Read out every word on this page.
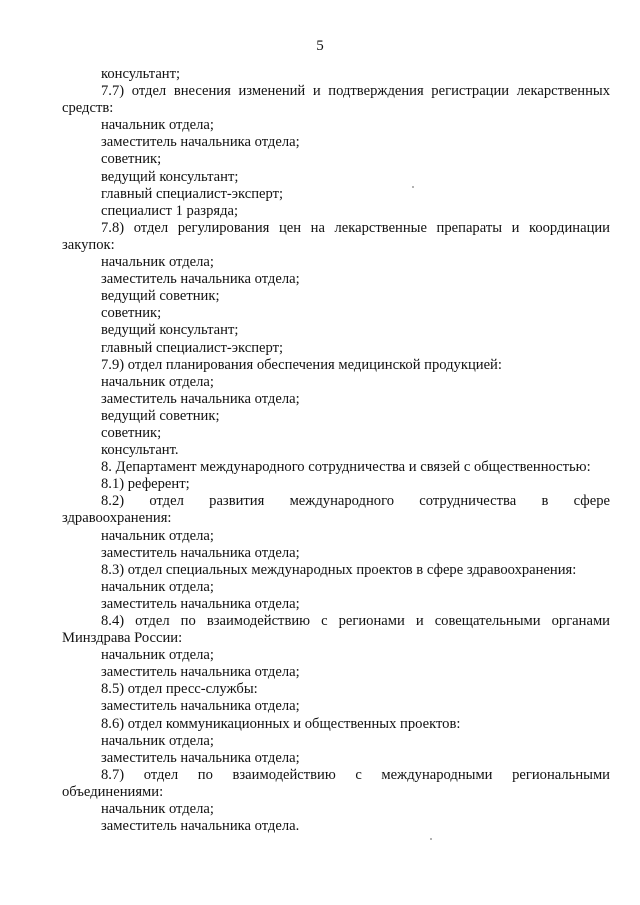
5
консультант;
7.7) отдел внесения изменений и подтверждения регистрации лекарственных
средств:
начальник отдела;
заместитель начальника отдела;
советник;
ведущий консультант;
главный специалист-эксперт;
специалист 1 разряда;
7.8) отдел регулирования цен на лекарственные препараты и координации
закупок:
начальник отдела;
заместитель начальника отдела;
ведущий советник;
советник;
ведущий консультант;
главный специалист-эксперт;
7.9) отдел планирования обеспечения медицинской продукцией:
начальник отдела;
заместитель начальника отдела;
ведущий советник;
советник;
консультант.
8. Департамент международного сотрудничества и связей с общественностью:
8.1) референт;
8.2) отдел развития международного сотрудничества в сфере
здравоохранения:
начальник отдела;
заместитель начальника отдела;
8.3) отдел специальных международных проектов в сфере здравоохранения:
начальник отдела;
заместитель начальника отдела;
8.4) отдел по взаимодействию с регионами и совещательными органами
Минздрава России:
начальник отдела;
заместитель начальника отдела;
8.5) отдел пресс-службы:
заместитель начальника отдела;
8.6) отдел коммуникационных и общественных проектов:
начальник отдела;
заместитель начальника отдела;
8.7) отдел по взаимодействию с международными региональными
объединениями:
начальник отдела;
заместитель начальника отдела.
